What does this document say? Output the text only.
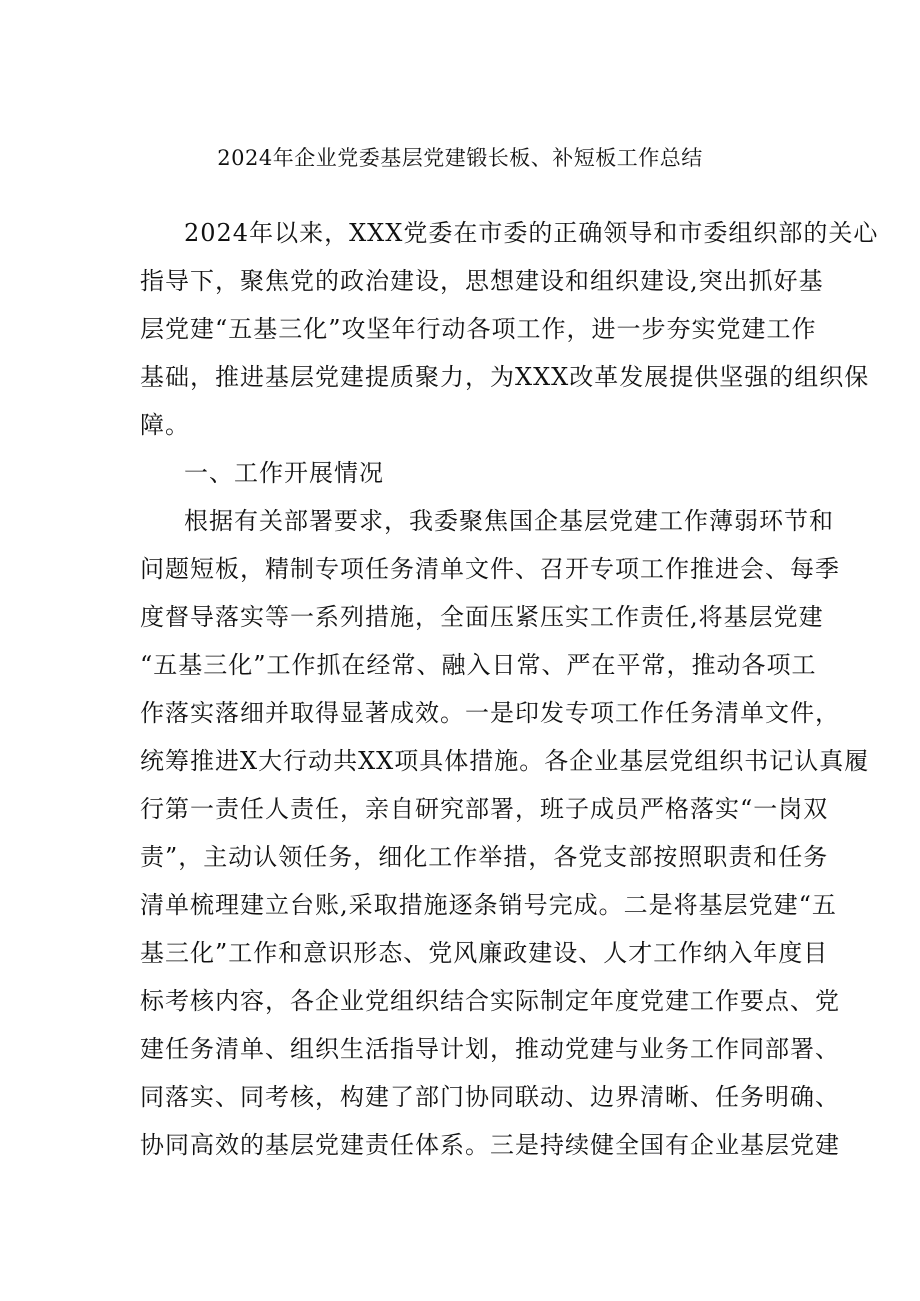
2024年企业党委基层党建锻长板、补短板工作总结
2024年以来，XXX党委在市委的正确领导和市委组织部的关心
指导下，聚焦党的政治建设，思想建设和组织建设,突出抓好基
层党建“五基三化”攻坚年行动各项工作，进一步夯实党建工作
基础，推进基层党建提质聚力，为XXX改革发展提供坚强的组织保
障。
一、工作开展情况
根据有关部署要求，我委聚焦国企基层党建工作薄弱环节和
问题短板，精制专项任务清单文件、召开专项工作推进会、每季
度督导落实等一系列措施，全面压紧压实工作责任,将基层党建
“五基三化”工作抓在经常、融入日常、严在平常，推动各项工
作落实落细并取得显著成效。一是印发专项工作任务清单文件，
统筹推进X大行动共XX项具体措施。各企业基层党组织书记认真履
行第一责任人责任，亲自研究部署，班子成员严格落实“一岗双
责”，主动认领任务，细化工作举措，各党支部按照职责和任务
清单梳理建立台账,采取措施逐条销号完成。二是将基层党建“五
基三化”工作和意识形态、党风廉政建设、人才工作纳入年度目
标考核内容，各企业党组织结合实际制定年度党建工作要点、党
建任务清单、组织生活指导计划，推动党建与业务工作同部署、
同落实、同考核，构建了部门协同联动、边界清晰、任务明确、
协同高效的基层党建责任体系。三是持续健全国有企业基层党建
